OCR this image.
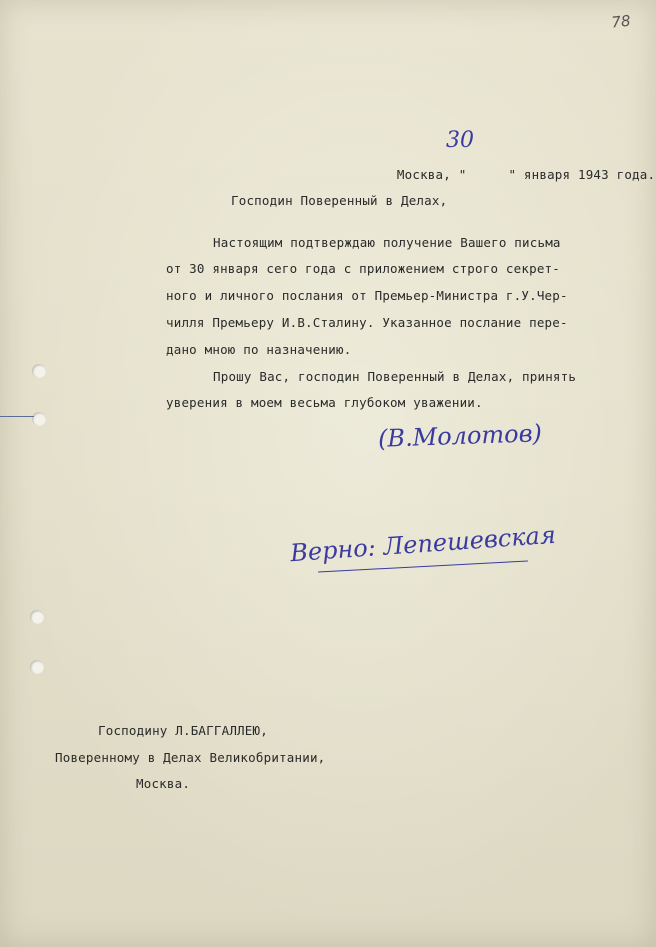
78

Москва, "	" января 1943 года.

30
Господин Поверенный в Делах,
Настоящим подтверждаю получение Вашего письма
от 30 января сего года с приложением строго секрет-
ного и личного послания от Премьер-Министра г.У.Чер-
чилля Премьеру И.В.Сталину. Указанное послание пере-
дано мною по назначению.
Прошу Вас, господин Поверенный в Делах, принять
уверения в моем весьма глубоком уважении.
(В.Молотов)
Верно: Лепешевская
Господину Л.БАГГАЛЛЕЮ,
Поверенному в Делах Великобритании,
Москва.
